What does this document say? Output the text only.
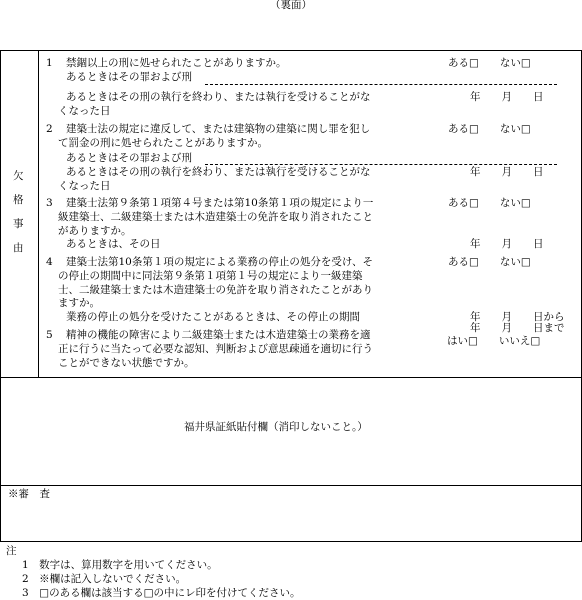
（裏面）
欠
格
事
由
1 禁錮以上の刑に処せられたことがありますか。	ある□　　ない□
あるときはその罪および刑
あるときはその刑の執行を終わり、または執行を受けることがな
くなった日
年　　月　　日
2 建築士法の規定に違反して、または建築物の建築に関し罪を犯し
て罰金の刑に処せられたことがありますか。
ある□　　ない□
あるときはその罪および刑
あるときはその刑の執行を終わり、または執行を受けることがな
くなった日
年　　月　　日
3 建築士法第９条第１項第４号または第10条第１項の規定により一
級建築士、二級建築士または木造建築士の免許を取り消されたこと
がありますか。
ある□　　ない□
あるときは、その日	年　　月　　日
4 建築士法第10条第１項の規定による業務の停止の処分を受け、そ
の停止の期間中に同法第９条第１項第１号の規定により一級建築
士、二級建築士または木造建築士の免許を取り消されたことがあり
ますか。
ある□　　ない□
業務の停止の処分を受けたことがあるときは、その停止の期間	年　　月　　日から
年　　月　　日まで
5 精神の機能の障害により二級建築士または木造建築士の業務を適
正に行うに当たって必要な認知、判断および意思疎通を適切に行う
ことができない状態ですか。
はい□　　いいえ□
福井県証紙貼付欄（消印しないこと。）
※審　査
注
1　数字は、算用数字を用いてください。
2　※欄は記入しないでください。
3　□のある欄は該当する□の中にレ印を付けてください。
